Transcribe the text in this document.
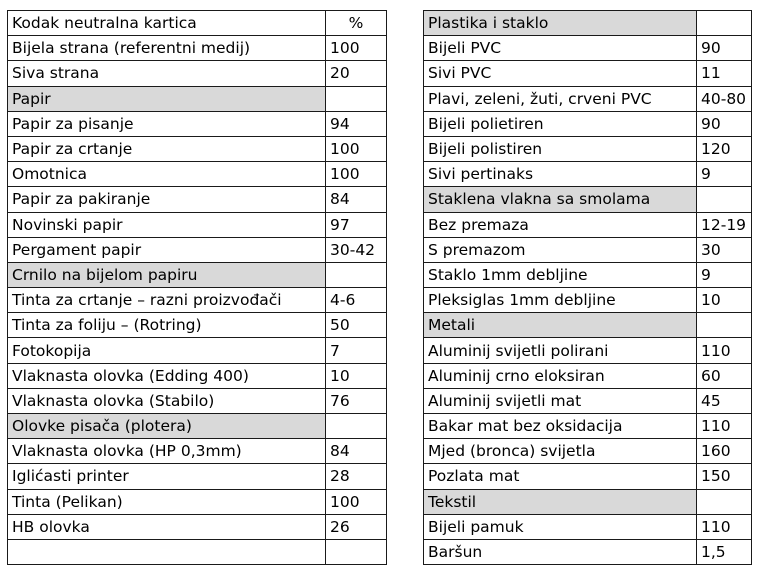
Kodak neutralna kartica	%
Bijela strana (referentni medij)	100
Siva strana	20
Papir	
Papir za pisanje	94
Papir za crtanje	100
Omotnica	100
Papir za pakiranje	84
Novinski papir	97
Pergament papir	30-42
Crnilo na bijelom papiru	
Tinta za crtanje – razni proizvođači	4-6
Tinta za foliju – (Rotring)	50
Fotokopija	7
Vlaknasta olovka (Edding 400)	10
Vlaknasta olovka (Stabilo)	76
Olovke pisača (plotera)	
Vlaknasta olovka (HP 0,3mm)	84
Iglićasti printer	28
Tinta (Pelikan)	100
HB olovka	26

Plastika i staklo	
Bijeli PVC	90
Sivi PVC	11
Plavi, zeleni, žuti, crveni PVC	40-80
Bijeli polietiren	90
Bijeli polistiren	120
Sivi pertinaks	9
Staklena vlakna sa smolama	
Bez premaza	12-19
S premazom	30
Staklo 1mm debljine	9
Pleksiglas 1mm debljine	10
Metali	
Aluminij svijetli polirani	110
Aluminij crno eloksiran	60
Aluminij svijetli mat	45
Bakar mat bez oksidacija	110
Mjed (bronca) svijetla	160
Pozlata mat	150
Tekstil	
Bijeli pamuk	110
Baršun	1,5
